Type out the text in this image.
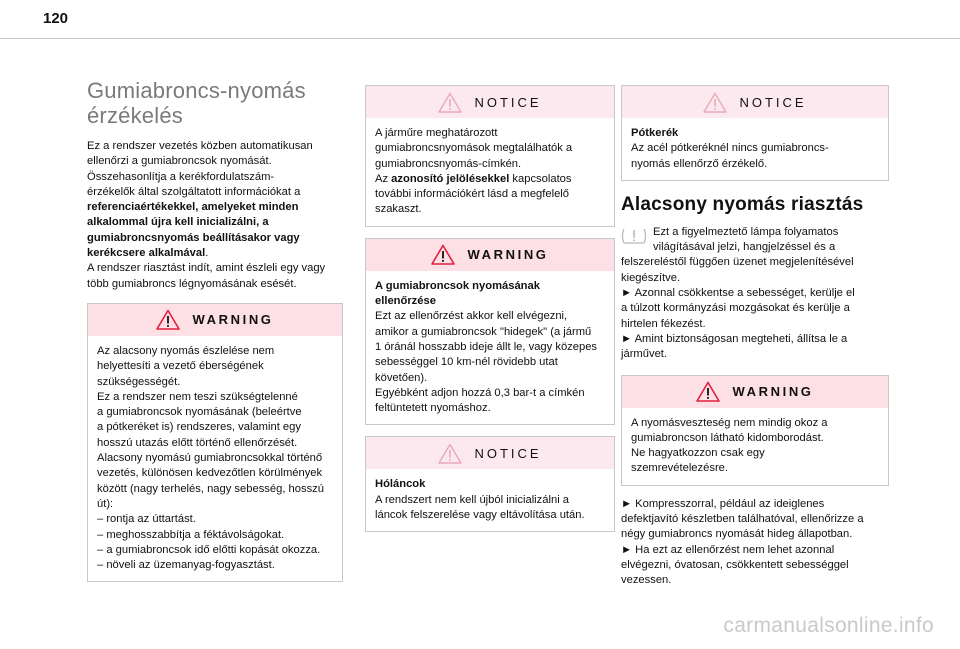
120
Gumiabroncs-nyomás
érzékelés
Ez a rendszer vezetés közben automatikusan
ellenőrzi a gumiabroncsok nyomását.
Összehasonlítja a kerékfordulatszám-
érzékelők által szolgáltatott információkat a
referenciaértékekkel, amelyeket minden
alkalommal újra kell inicializálni, a
gumiabroncsnyomás beállításakor vagy
kerékcsere alkalmával.
A rendszer riasztást indít, amint észleli egy vagy
több gumiabroncs légnyomásának esését.
WARNING
Az alacsony nyomás észlelése nem
helyettesíti a vezető éberségének
szükségességét.
Ez a rendszer nem teszi szükségtelenné
a gumiabroncsok nyomásának (beleértve
a pótkeréket is) rendszeres, valamint egy
hosszú utazás előtt történő ellenőrzését.
Alacsony nyomású gumiabroncsokkal történő
vezetés, különösen kedvezőtlen körülmények
között (nagy terhelés, nagy sebesség, hosszú
út):
– rontja az úttartást.
– meghosszabbítja a féktávolságokat.
– a gumiabroncsok idő előtti kopását okozza.
– növeli az üzemanyag-fogyasztást.
NOTICE
A járműre meghatározott
gumiabroncsnyomások megtalálhatók a
gumiabroncsnyomás-címkén.
Az azonosító jelölésekkel kapcsolatos
további információkért lásd a megfelelő
szakaszt.
WARNING
A gumiabroncsok nyomásának
ellenőrzése
Ezt az ellenőrzést akkor kell elvégezni,
amikor a gumiabroncsok "hidegek" (a jármű
1 óránál hosszabb ideje állt le, vagy közepes
sebességgel 10 km-nél rövidebb utat
követően).
Egyébként adjon hozzá 0,3 bar-t a címkén
feltüntetett nyomáshoz.
NOTICE
Hóláncok
A rendszert nem kell újból inicializálni a
láncok felszerelése vagy eltávolítása után.
NOTICE
Pótkerék
Az acél pótkeréknél nincs gumiabroncs-
nyomás ellenőrző érzékelő.
Alacsony nyomás riasztás
Ezt a figyelmeztető lámpa folyamatos
világításával jelzi, hangjelzéssel és a
felszereléstől függően üzenet megjelenítésével
kiegészítve.
► Azonnal csökkentse a sebességet, kerülje el
a túlzott kormányzási mozgásokat és kerülje a
hirtelen fékezést.
► Amint biztonságosan megteheti, állítsa le a
járművet.
WARNING
A nyomásveszteség nem mindig okoz a
gumiabroncson látható kidomborodást.
Ne hagyatkozzon csak egy
szemrevételezésre.
► Kompresszorral, például az ideiglenes
defektjavító készletben találhatóval, ellenőrizze a
négy gumiabroncs nyomását hideg állapotban.
► Ha ezt az ellenőrzést nem lehet azonnal
elvégezni, óvatosan, csökkentett sebességgel
vezessen.
carmanualsonline.info
